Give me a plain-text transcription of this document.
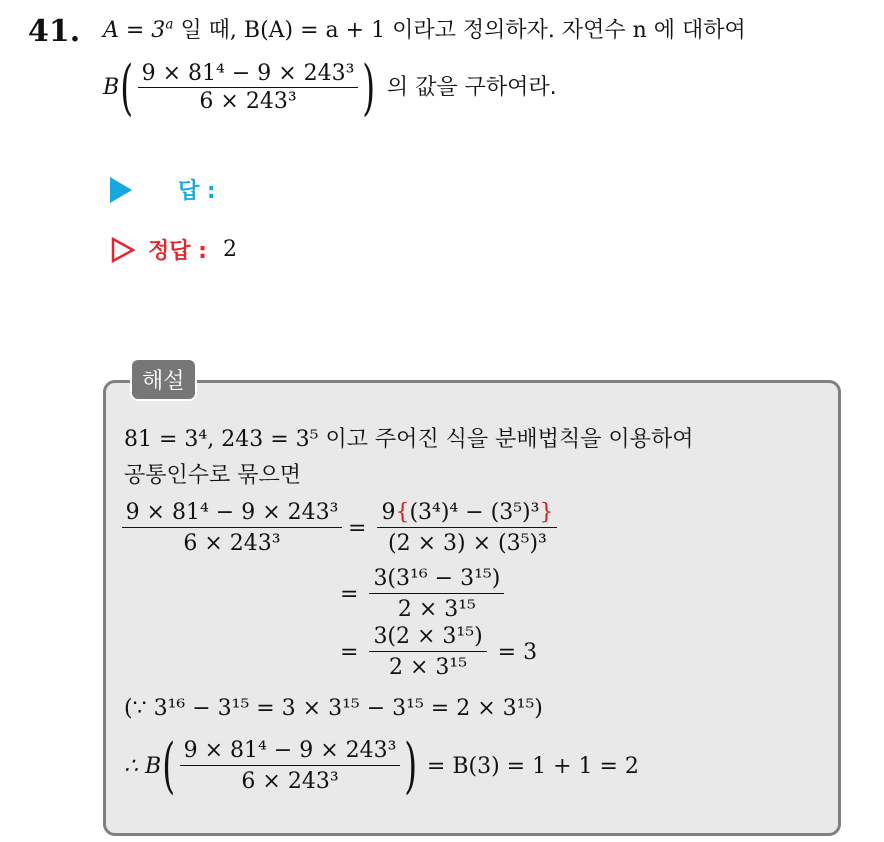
41. $A = 3^a$ 일 때, B(A) = a + 1 이라고 정의하자. 자연수 n 에 대하여
B ( $\frac{\text{9 × 81⁴ − 9 × 243³}}{\text{6 × 243³}}$ ) 의 값을 구하여라.
답 :
정답 : 2
해설
81 = 3⁴, 243 = 3⁵ 이고 주어진 식을 분배법칙을 이용하여
공통인수로 묶으면
$\frac{\text{9 × 81⁴ − 9 × 243³}}{\text{6 × 243³}} = \frac{\text{9\{(3⁴)⁴ − (3⁵)³\}}}{\text{(2 × 3) × (3⁵)³}}$
= $\frac{\text{3(3¹⁶ − 3¹⁵)}}{\text{2 × 3¹⁵}}$
= $\frac{\text{3(2 × 3¹⁵)}}{\text{2 × 3¹⁵}} = 3$
(∵ 3¹⁶ − 3¹⁵ = 3 × 3¹⁵ − 3¹⁵ = 2 × 3¹⁵)
∴ B ( $\frac{\text{9 × 81⁴ − 9 × 243³}}{\text{6 × 243³}}$ ) = B(3) = 1 + 1 = 2
